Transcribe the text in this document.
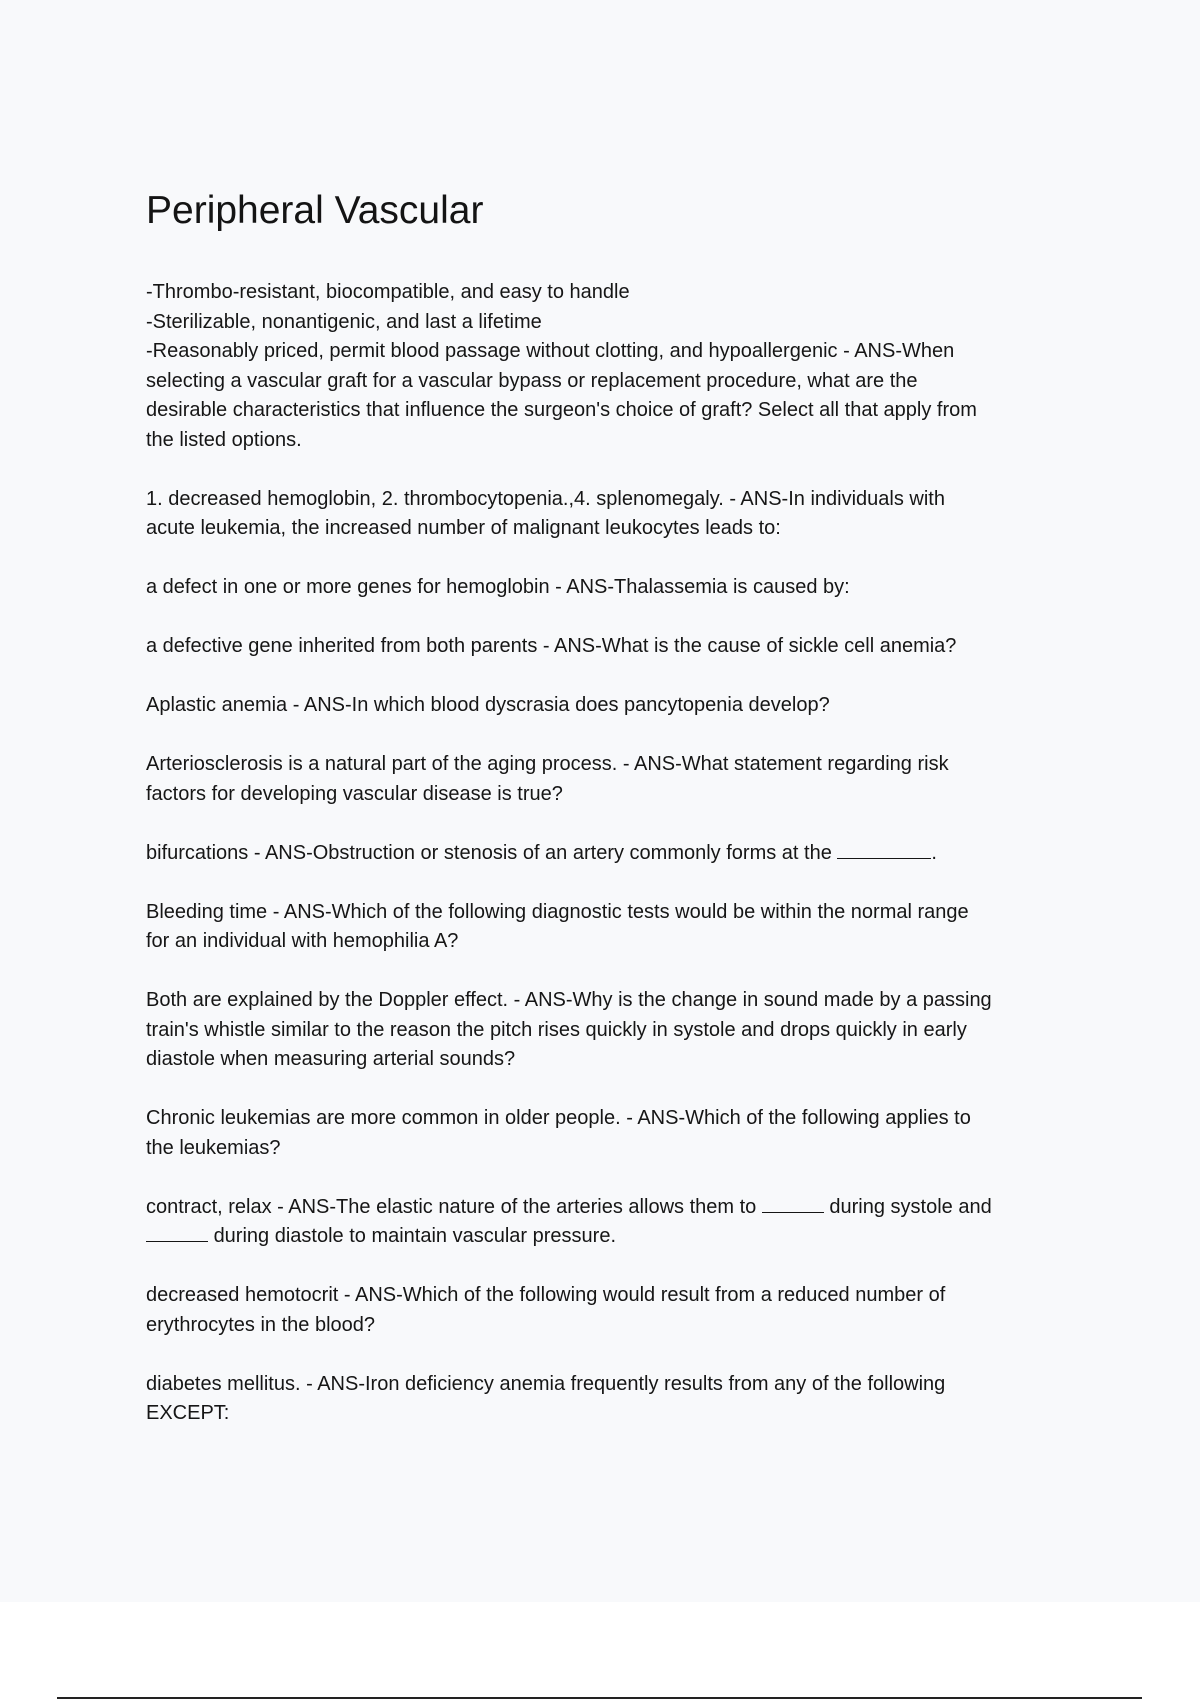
Peripheral Vascular

-Thrombo-resistant, biocompatible, and easy to handle
-Sterilizable, nonantigenic, and last a lifetime
-Reasonably priced, permit blood passage without clotting, and hypoallergenic - ANS-When
selecting a vascular graft for a vascular bypass or replacement procedure, what are the
desirable characteristics that influence the surgeon's choice of graft? Select all that apply from
the listed options.

1. decreased hemoglobin, 2. thrombocytopenia.,4. splenomegaly. - ANS-In individuals with
acute leukemia, the increased number of malignant leukocytes leads to:

a defect in one or more genes for hemoglobin - ANS-Thalassemia is caused by:

a defective gene inherited from both parents - ANS-What is the cause of sickle cell anemia?

Aplastic anemia - ANS-In which blood dyscrasia does pancytopenia develop?

Arteriosclerosis is a natural part of the aging process. - ANS-What statement regarding risk
factors for developing vascular disease is true?

bifurcations - ANS-Obstruction or stenosis of an artery commonly forms at the	.

Bleeding time - ANS-Which of the following diagnostic tests would be within the normal range
for an individual with hemophilia A?

Both are explained by the Doppler effect. - ANS-Why is the change in sound made by a passing
train's whistle similar to the reason the pitch rises quickly in systole and drops quickly in early
diastole when measuring arterial sounds?

Chronic leukemias are more common in older people. - ANS-Which of the following applies to
the leukemias?

contract, relax - ANS-The elastic nature of the arteries allows them to	during systole and
during diastole to maintain vascular pressure.

decreased hemotocrit - ANS-Which of the following would result from a reduced number of
erythrocytes in the blood?

diabetes mellitus. - ANS-Iron deficiency anemia frequently results from any of the following
EXCEPT:
